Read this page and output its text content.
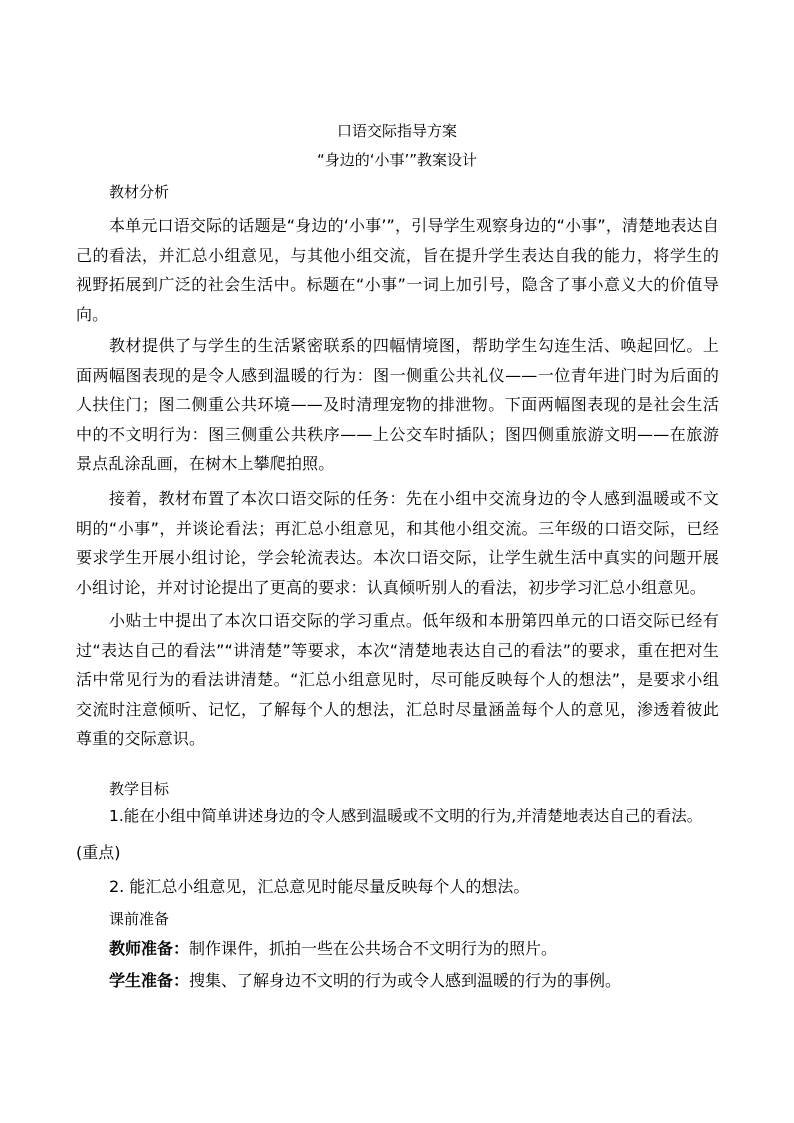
口语交际指导方案
“身边的‘小事’”教案设计
教材分析
本单元口语交际的话题是“身边的‘小事’”，引导学生观察身边的“小事”，清楚地表达自己的看法，并汇总小组意见，与其他小组交流，旨在提升学生表达自我的能力，将学生的视野拓展到广泛的社会生活中。标题在“小事”一词上加引号，隐含了事小意义大的价值导向。
教材提供了与学生的生活紧密联系的四幅情境图，帮助学生勾连生活、唤起回忆。上面两幅图表现的是令人感到温暖的行为：图一侧重公共礼仪——一位青年进门时为后面的人扶住门；图二侧重公共环境——及时清理宠物的排泄物。下面两幅图表现的是社会生活中的不文明行为：图三侧重公共秩序——上公交车时插队；图四侧重旅游文明——在旅游景点乱涂乱画，在树木上攀爬拍照。
接着，教材布置了本次口语交际的任务：先在小组中交流身边的令人感到温暖或不文明的“小事”，并谈论看法；再汇总小组意见，和其他小组交流。三年级的口语交际，已经要求学生开展小组讨论，学会轮流表达。本次口语交际，让学生就生活中真实的问题开展小组讨论，并对讨论提出了更高的要求：认真倾听别人的看法，初步学习汇总小组意见。
小贴士中提出了本次口语交际的学习重点。低年级和本册第四单元的口语交际已经有过“表达自己的看法”“讲清楚”等要求，本次“清楚地表达自己的看法”的要求，重在把对生活中常见行为的看法讲清楚。“汇总小组意见时，尽可能反映每个人的想法”，是要求小组交流时注意倾听、记忆，了解每个人的想法，汇总时尽量涵盖每个人的意见，渗透着彼此尊重的交际意识。
教学目标
1.能在小组中简单讲述身边的令人感到温暖或不文明的行为,并清楚地表达自己的看法。
(重点)
2. 能汇总小组意见，汇总意见时能尽量反映每个人的想法。
课前准备
教师准备：制作课件，抓拍一些在公共场合不文明行为的照片。
学生准备：搜集、了解身边不文明的行为或令人感到温暖的行为的事例。
